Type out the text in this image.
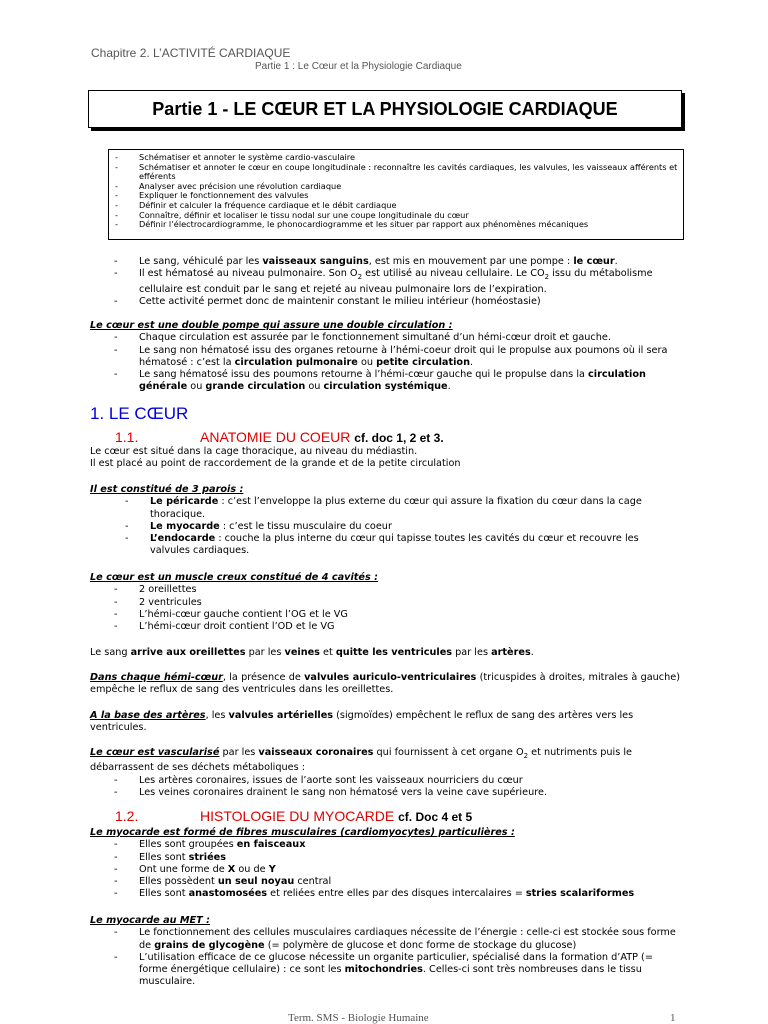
Chapitre 2. L’ACTIVITÉ CARDIAQUE
Partie 1 : Le Cœur et la Physiologie Cardiaque
Partie 1 - LE CŒUR ET LA PHYSIOLOGIE CARDIAQUE
- Schématiser et annoter le système cardio-vasculaire
- Schématiser et annoter le cœur en coupe longitudinale : reconnaître les cavités cardiaques, les valvules, les vaisseaux afférents et efférents
- Analyser avec précision une révolution cardiaque
- Expliquer le fonctionnement des valvules
- Définir et calculer la fréquence cardiaque et le débit cardiaque
- Connaître, définir et localiser le tissu nodal sur une coupe longitudinale du cœur
- Définir l’électrocardiogramme, le phonocardiogramme et les situer par rapport aux phénomènes mécaniques
- Le sang, véhiculé par les vaisseaux sanguins, est mis en mouvement par une pompe : le cœur.
- Il est hématosé au niveau pulmonaire. Son $O_2$ est utilisé au niveau cellulaire. Le $CO_2$ issu du métabolisme cellulaire est conduit par le sang et rejeté au niveau pulmonaire lors de l’expiration.
- Cette activité permet donc de maintenir constant le milieu intérieur (homéostasie)
Le cœur est une double pompe qui assure une double circulation :
- Chaque circulation est assurée par le fonctionnement simultané d’un hémi-cœur droit et gauche.
- Le sang non hématosé issu des organes retourne à l’hémi-coeur droit qui le propulse aux poumons où il sera hématosé : c’est la circulation pulmonaire ou petite circulation.
- Le sang hématosé issu des poumons retourne à l’hémi-cœur gauche qui le propulse dans la circulation générale ou grande circulation ou circulation systémique.
1. LE CŒUR
1.1.	ANATOMIE DU COEUR cf. doc 1, 2 et 3.
Le cœur est situé dans la cage thoracique, au niveau du médiastin.
Il est placé au point de raccordement de la grande et de la petite circulation
Il est constitué de 3 parois :
- Le péricarde : c’est l’enveloppe la plus externe du cœur qui assure la fixation du cœur dans la cage thoracique.
- Le myocarde : c’est le tissu musculaire du coeur
- L’endocarde : couche la plus interne du cœur qui tapisse toutes les cavités du cœur et recouvre les valvules cardiaques.
Le cœur est un muscle creux constitué de 4 cavités :
- 2 oreillettes
- 2 ventricules
- L’hémi-cœur gauche contient l’OG et le VG
- L’hémi-cœur droit contient l’OD et le VG
Le sang arrive aux oreillettes par les veines et quitte les ventricules par les artères.
Dans chaque hémi-cœur, la présence de valvules auriculo-ventriculaires (tricuspides à droites, mitrales à gauche) empêche le reflux de sang des ventricules dans les oreillettes.
A la base des artères, les valvules artérielles (sigmoïdes) empêchent le reflux de sang des artères vers les ventricules.
Le cœur est vascularisé par les vaisseaux coronaires qui fournissent à cet organe $O_2$ et nutriments puis le débarrassent de ses déchets métaboliques :
- Les artères coronaires, issues de l’aorte sont les vaisseaux nourriciers du cœur
- Les veines coronaires drainent le sang non hématosé vers la veine cave supérieure.
1.2.	HISTOLOGIE DU MYOCARDE cf. Doc 4 et 5
Le myocarde est formé de fibres musculaires (cardiomyocytes) particulières :
- Elles sont groupées en faisceaux
- Elles sont striées
- Ont une forme de X ou de Y
- Elles possèdent un seul noyau central
- Elles sont anastomosées et reliées entre elles par des disques intercalaires = stries scalariformes
Le myocarde au MET :
- Le fonctionnement des cellules musculaires cardiaques nécessite de l’énergie : celle-ci est stockée sous forme de grains de glycogène (= polymère de glucose et donc forme de stockage du glucose)
- L’utilisation efficace de ce glucose nécessite un organite particulier, spécialisé dans la formation d’ATP (= forme énergétique cellulaire) : ce sont les mitochondries. Celles-ci sont très nombreuses dans le tissu musculaire.
Term. SMS - Biologie Humaine	1
